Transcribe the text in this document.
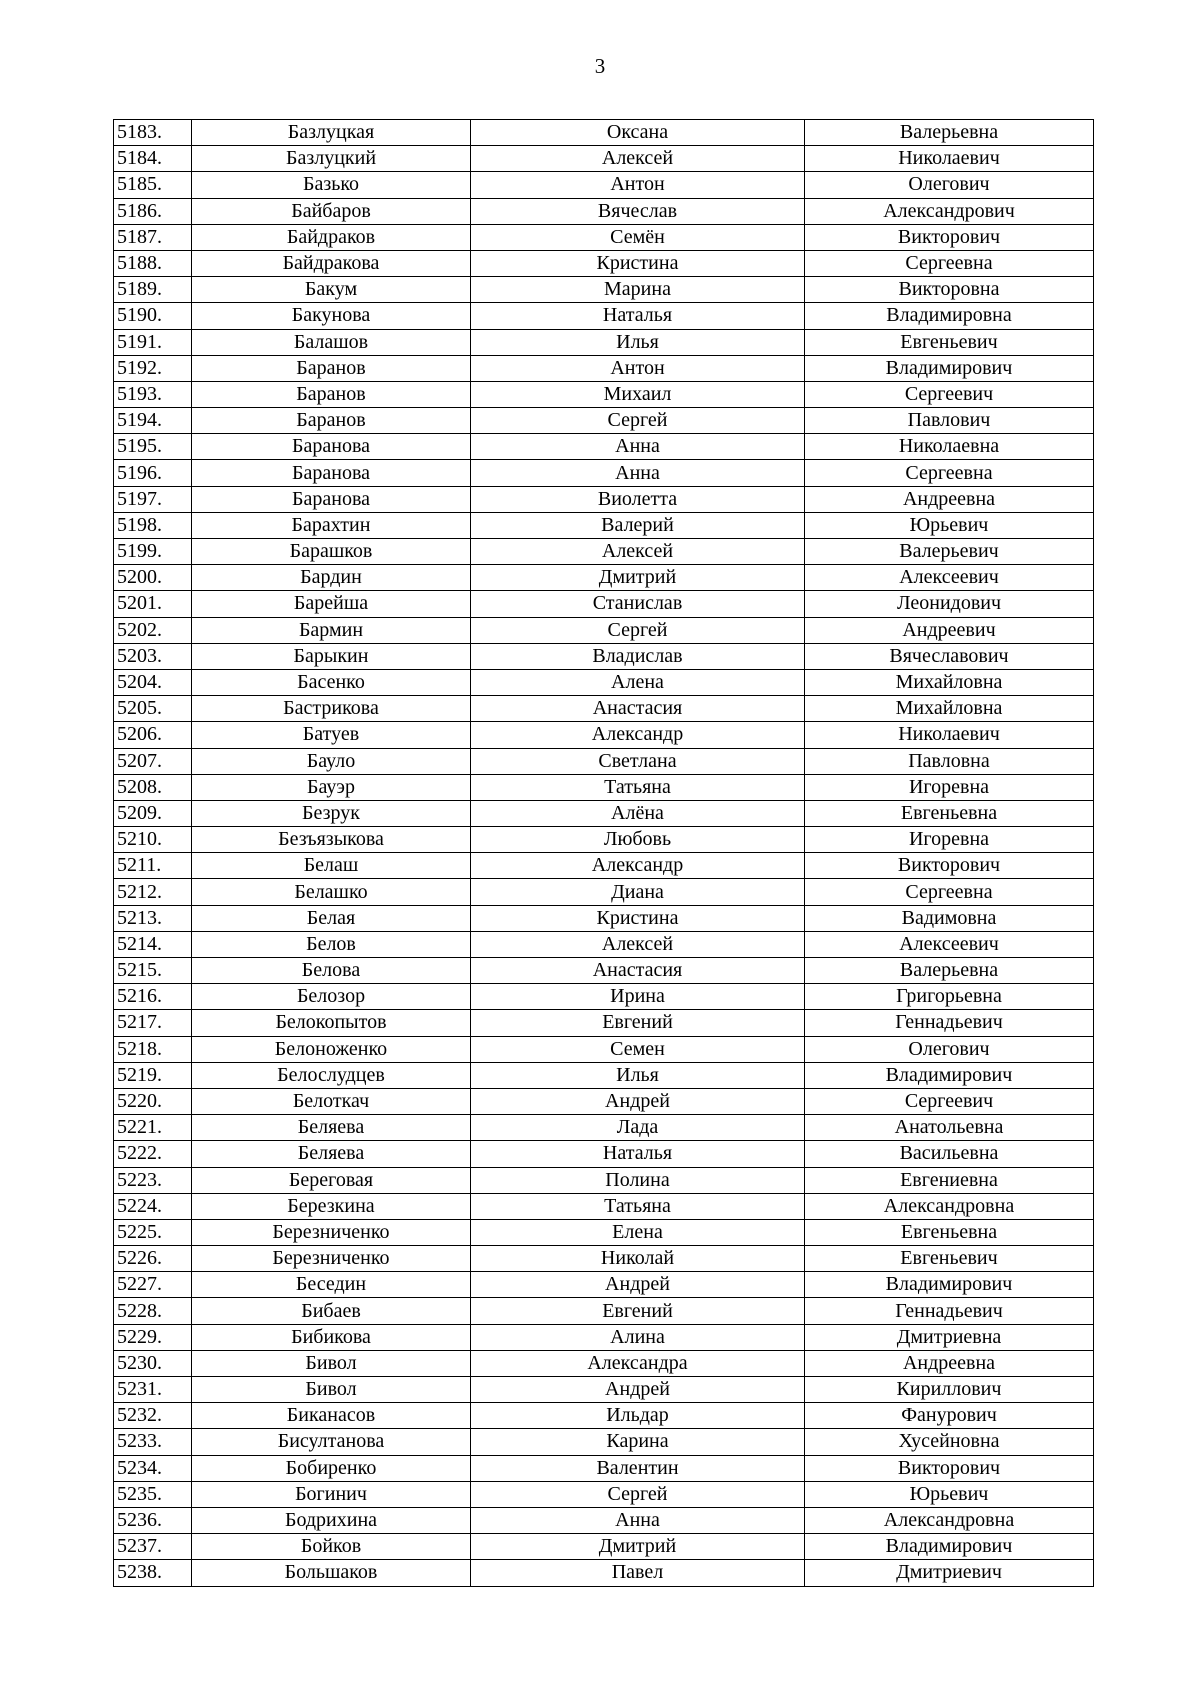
3
5183.	Базлуцкая	Оксана	Валерьевна
5184.	Базлуцкий	Алексей	Николаевич
5185.	Базько	Антон	Олегович
5186.	Байбаров	Вячеслав	Александрович
5187.	Байдраков	Семён	Викторович
5188.	Байдракова	Кристина	Сергеевна
5189.	Бакум	Марина	Викторовна
5190.	Бакунова	Наталья	Владимировна
5191.	Балашов	Илья	Евгеньевич
5192.	Баранов	Антон	Владимирович
5193.	Баранов	Михаил	Сергеевич
5194.	Баранов	Сергей	Павлович
5195.	Баранова	Анна	Николаевна
5196.	Баранова	Анна	Сергеевна
5197.	Баранова	Виолетта	Андреевна
5198.	Барахтин	Валерий	Юрьевич
5199.	Барашков	Алексей	Валерьевич
5200.	Бардин	Дмитрий	Алексеевич
5201.	Барейша	Станислав	Леонидович
5202.	Бармин	Сергей	Андреевич
5203.	Барыкин	Владислав	Вячеславович
5204.	Басенко	Алена	Михайловна
5205.	Бастрикова	Анастасия	Михайловна
5206.	Батуев	Александр	Николаевич
5207.	Бауло	Светлана	Павловна
5208.	Бауэр	Татьяна	Игоревна
5209.	Безрук	Алёна	Евгеньевна
5210.	Безъязыкова	Любовь	Игоревна
5211.	Белаш	Александр	Викторович
5212.	Белашко	Диана	Сергеевна
5213.	Белая	Кристина	Вадимовна
5214.	Белов	Алексей	Алексеевич
5215.	Белова	Анастасия	Валерьевна
5216.	Белозор	Ирина	Григорьевна
5217.	Белокопытов	Евгений	Геннадьевич
5218.	Белоноженко	Семен	Олегович
5219.	Белослудцев	Илья	Владимирович
5220.	Белоткач	Андрей	Сергеевич
5221.	Беляева	Лада	Анатольевна
5222.	Беляева	Наталья	Васильевна
5223.	Береговая	Полина	Евгениевна
5224.	Березкина	Татьяна	Александровна
5225.	Березниченко	Елена	Евгеньевна
5226.	Березниченко	Николай	Евгеньевич
5227.	Беседин	Андрей	Владимирович
5228.	Бибаев	Евгений	Геннадьевич
5229.	Бибикова	Алина	Дмитриевна
5230.	Бивол	Александра	Андреевна
5231.	Бивол	Андрей	Кириллович
5232.	Биканасов	Ильдар	Фанурович
5233.	Бисултанова	Карина	Хусейновна
5234.	Бобиренко	Валентин	Викторович
5235.	Богинич	Сергей	Юрьевич
5236.	Бодрихина	Анна	Александровна
5237.	Бойков	Дмитрий	Владимирович
5238.	Большаков	Павел	Дмитриевич
